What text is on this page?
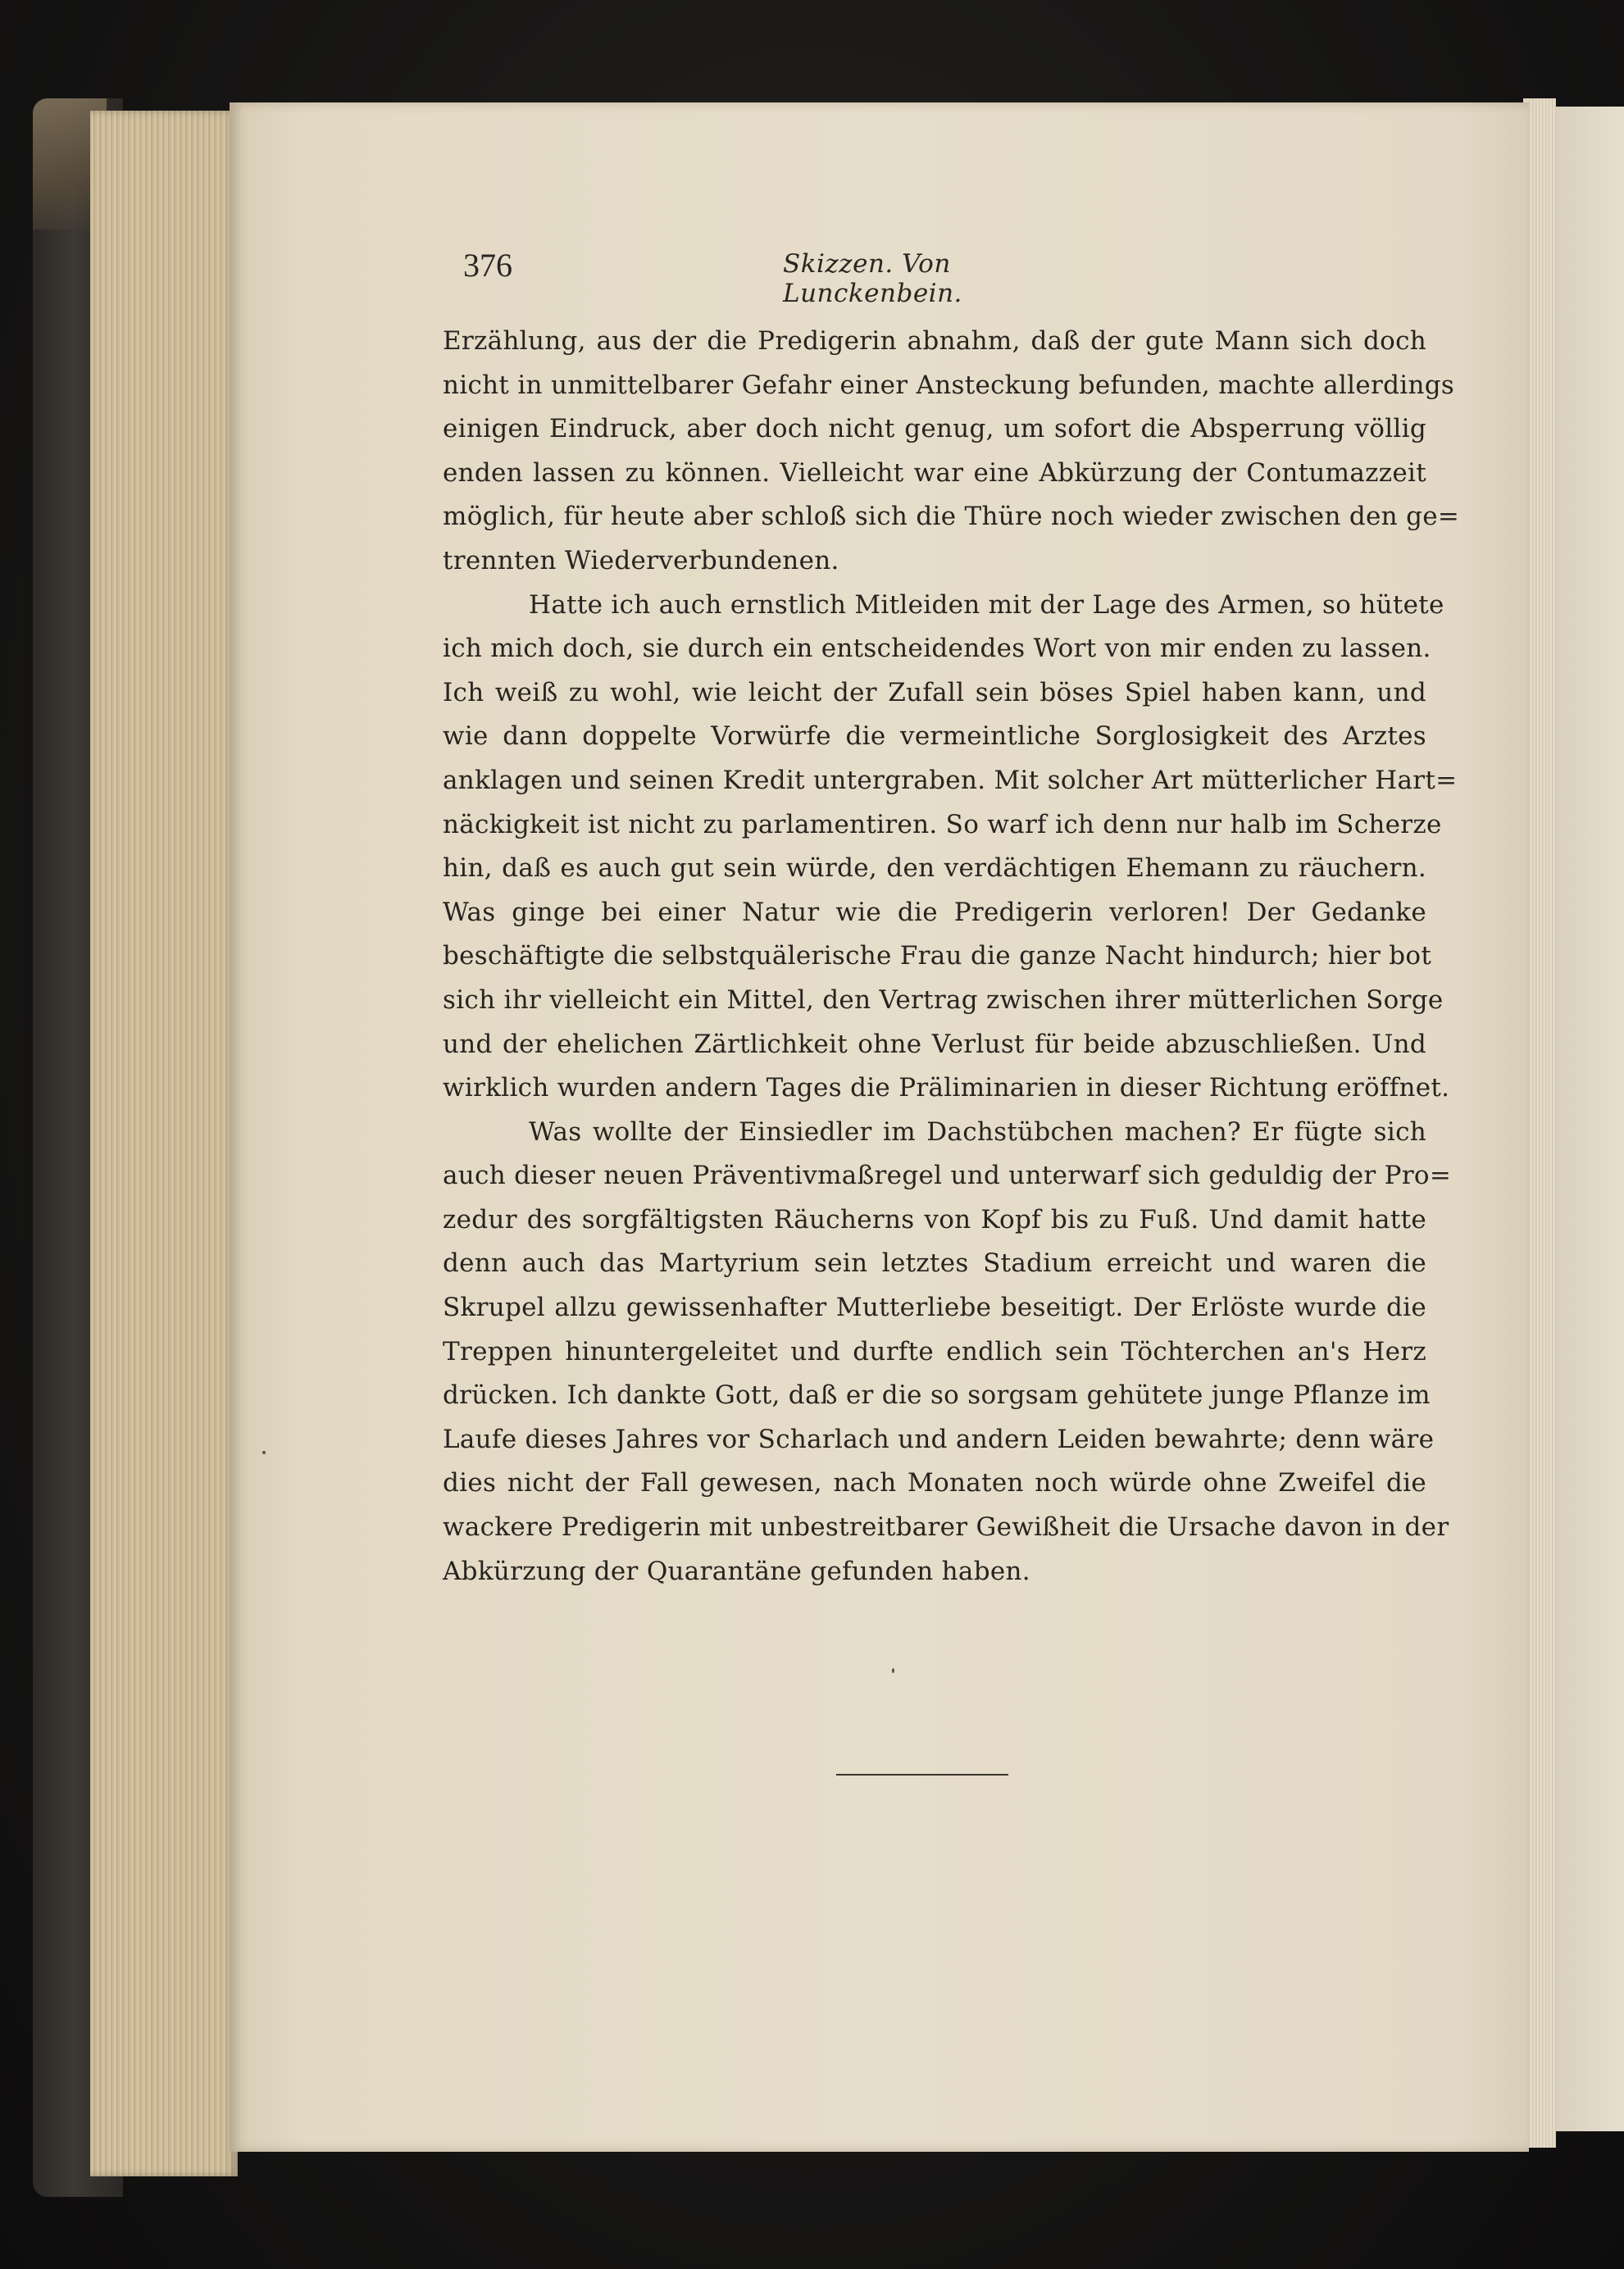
376	Skizzen. Von Lunckenbein.
Erzählung, aus der die Predigerin abnahm, daß der gute Mann sich doch
nicht in unmittelbarer Gefahr einer Ansteckung befunden, machte allerdings
einigen Eindruck, aber doch nicht genug, um sofort die Absperrung völlig
enden lassen zu können. Vielleicht war eine Abkürzung der Contumazzeit
möglich, für heute aber schloß sich die Thüre noch wieder zwischen den ge=
trennten Wiederverbundenen.
Hatte ich auch ernstlich Mitleiden mit der Lage des Armen, so hütete
ich mich doch, sie durch ein entscheidendes Wort von mir enden zu lassen.
Ich weiß zu wohl, wie leicht der Zufall sein böses Spiel haben kann, und
wie dann doppelte Vorwürfe die vermeintliche Sorglosigkeit des Arztes
anklagen und seinen Kredit untergraben. Mit solcher Art mütterlicher Hart=
näckigkeit ist nicht zu parlamentiren. So warf ich denn nur halb im Scherze
hin, daß es auch gut sein würde, den verdächtigen Ehemann zu räuchern.
Was ginge bei einer Natur wie die Predigerin verloren! Der Gedanke
beschäftigte die selbstquälerische Frau die ganze Nacht hindurch; hier bot
sich ihr vielleicht ein Mittel, den Vertrag zwischen ihrer mütterlichen Sorge
und der ehelichen Zärtlichkeit ohne Verlust für beide abzuschließen. Und
wirklich wurden andern Tages die Präliminarien in dieser Richtung eröffnet.
Was wollte der Einsiedler im Dachstübchen machen? Er fügte sich
auch dieser neuen Präventivmaßregel und unterwarf sich geduldig der Pro=
zedur des sorgfältigsten Räucherns von Kopf bis zu Fuß. Und damit hatte
denn auch das Martyrium sein letztes Stadium erreicht und waren die
Skrupel allzu gewissenhafter Mutterliebe beseitigt. Der Erlöste wurde die
Treppen hinuntergeleitet und durfte endlich sein Töchterchen an's Herz
drücken. Ich dankte Gott, daß er die so sorgsam gehütete junge Pflanze im
Laufe dieses Jahres vor Scharlach und andern Leiden bewahrte; denn wäre
dies nicht der Fall gewesen, nach Monaten noch würde ohne Zweifel die
wackere Predigerin mit unbestreitbarer Gewißheit die Ursache davon in der
Abkürzung der Quarantäne gefunden haben.
